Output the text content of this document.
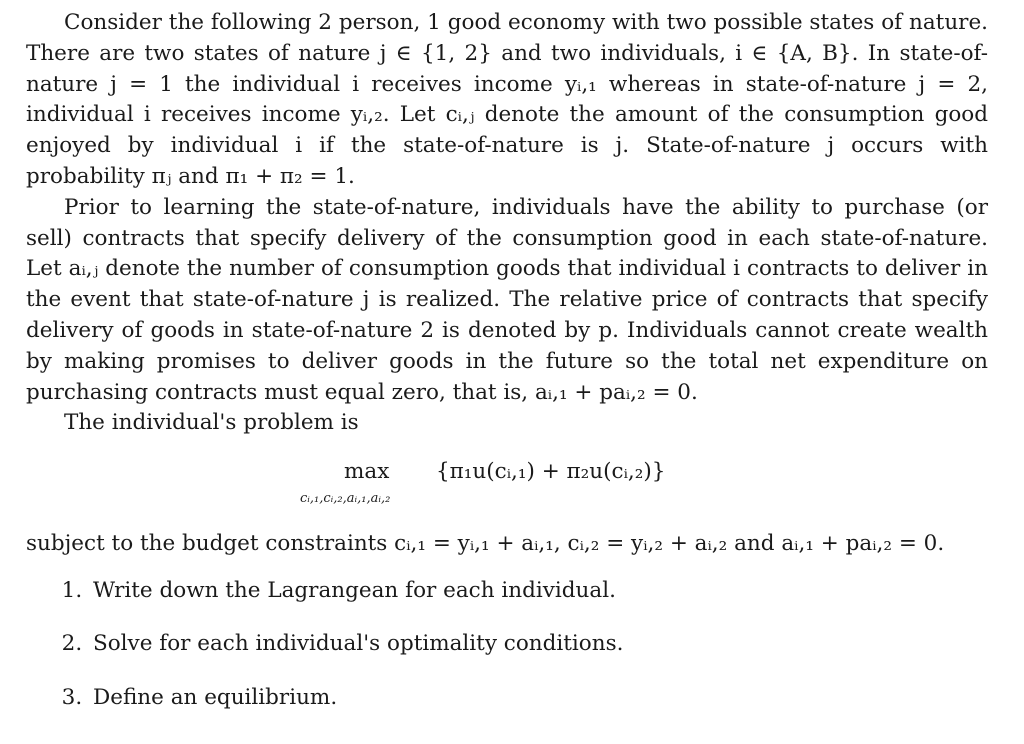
Consider the following 2 person, 1 good economy with two possible states of nature. There are two states of nature j ∈ {1, 2} and two individuals, i ∈ {A, B}. In state-of-nature j = 1 the individual i receives income yᵢ,₁ whereas in state-of-nature j = 2, individual i receives income yᵢ,₂. Let cᵢ,ⱼ denote the amount of the consumption good enjoyed by individual i if the state-of-nature is j. State-of-nature j occurs with probability πⱼ and π₁ + π₂ = 1.

Prior to learning the state-of-nature, individuals have the ability to purchase (or sell) contracts that specify delivery of the consumption good in each state-of-nature. Let aᵢ,ⱼ denote the number of consumption goods that individual i contracts to deliver in the event that state-of-nature j is realized. The relative price of contracts that specify delivery of goods in state-of-nature 2 is denoted by p. Individuals cannot create wealth by making promises to deliver goods in the future so the total net expenditure on purchasing contracts must equal zero, that is, aᵢ,₁ + paᵢ,₂ = 0.

The individual's problem is

max
cᵢ,₁,cᵢ,₂,aᵢ,₁,aᵢ,₂
{π₁u(cᵢ,₁) + π₂u(cᵢ,₂)}

subject to the budget constraints cᵢ,₁ = yᵢ,₁ + aᵢ,₁, cᵢ,₂ = yᵢ,₂ + aᵢ,₂ and aᵢ,₁ + paᵢ,₂ = 0.

1. Write down the Lagrangean for each individual.
2. Solve for each individual's optimality conditions.
3. Define an equilibrium.
